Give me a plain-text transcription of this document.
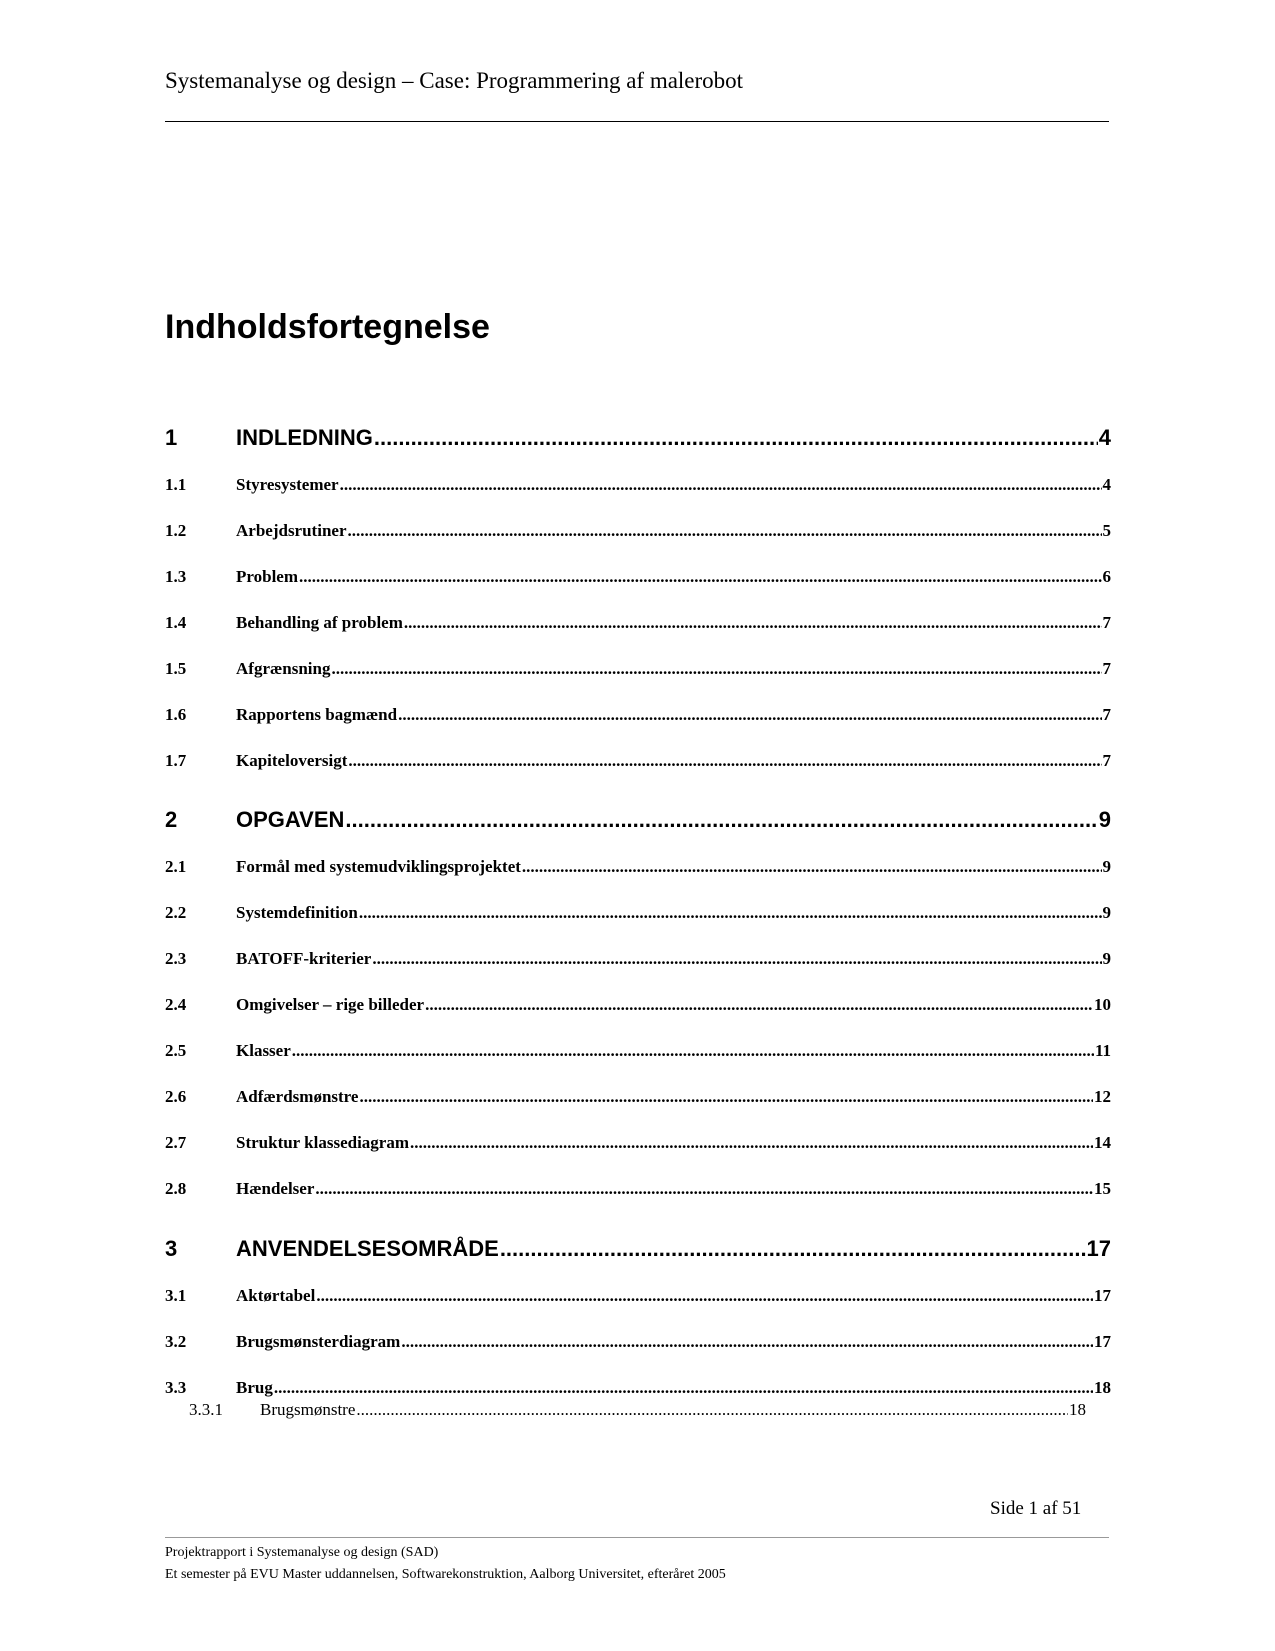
Systemanalyse og design – Case: Programmering af malerobot
Indholdsfortegnelse
1	INDLEDNING .....	4
1.1	Styresystemer .....	4
1.2	Arbejdsrutiner .....	5
1.3	Problem .....	6
1.4	Behandling af problem .....	7
1.5	Afgrænsning .....	7
1.6	Rapportens bagmænd .....	7
1.7	Kapiteloversigt .....	7
2	OPGAVEN .....	9
2.1	Formål med systemudviklingsprojektet .....	9
2.2	Systemdefinition .....	9
2.3	BATOFF-kriterier .....	9
2.4	Omgivelser – rige billeder .....	10
2.5	Klasser .....	11
2.6	Adfærdsmønstre .....	12
2.7	Struktur klassediagram .....	14
2.8	Hændelser .....	15
3	ANVENDELSESOMRÅDE .....	17
3.1	Aktørtabel .....	17
3.2	Brugsmønsterdiagram .....	17
3.3	Brug .....	18
3.3.1	Brugsmønstre .....	18
Side 1 af 51
Projektrapport i Systemanalyse og design (SAD)
Et semester på EVU Master uddannelsen, Softwarekonstruktion, Aalborg Universitet, efteråret 2005
